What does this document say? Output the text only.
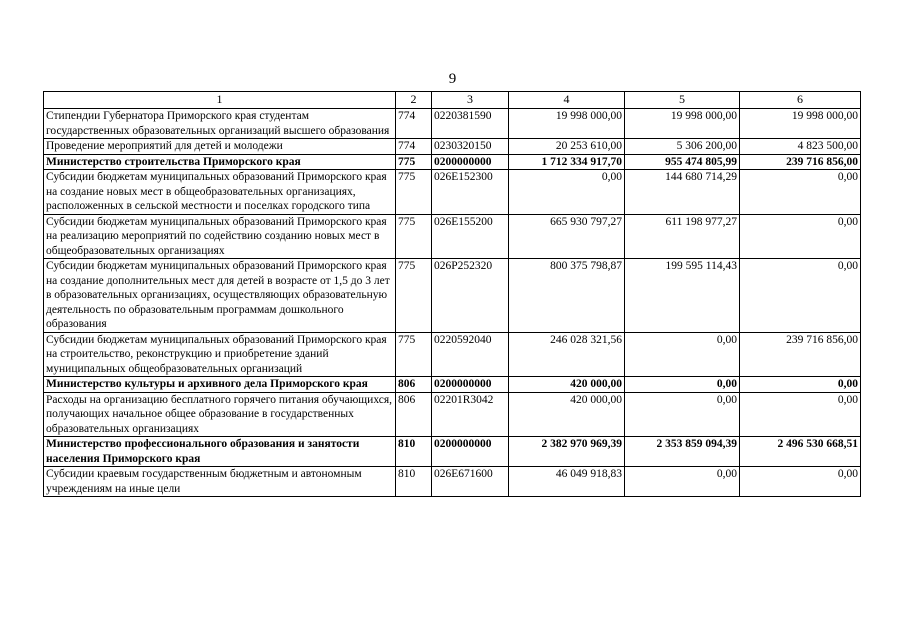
9
1	2	3	4	5	6
Стипендии Губернатора Приморского края студентам государственных образовательных организаций высшего образования	774	0220381590	19 998 000,00	19 998 000,00	19 998 000,00
Проведение мероприятий для детей и молодежи	774	0230320150	20 253 610,00	5 306 200,00	4 823 500,00
Министерство строительства Приморского края	775	0200000000	1 712 334 917,70	955 474 805,99	239 716 856,00
Субсидии бюджетам муниципальных образований Приморского края на создание новых мест в общеобразовательных организациях, расположенных в сельской местности и поселках городского типа	775	026E152300	0,00	144 680 714,29	0,00
Субсидии бюджетам муниципальных образований Приморского края на реализацию мероприятий по содействию созданию новых мест в общеобразовательных организациях	775	026E155200	665 930 797,27	611 198 977,27	0,00
Субсидии бюджетам муниципальных образований Приморского края на создание дополнительных мест для детей в возрасте от 1,5 до 3 лет в образовательных организациях, осуществляющих образовательную деятельность по образовательным программам дошкольного образования	775	026P252320	800 375 798,87	199 595 114,43	0,00
Субсидии бюджетам муниципальных образований Приморского края на строительство, реконструкцию и приобретение зданий муниципальных общеобразовательных организаций	775	0220592040	246 028 321,56	0,00	239 716 856,00
Министерство культуры и архивного дела Приморского края	806	0200000000	420 000,00	0,00	0,00
Расходы на организацию бесплатного горячего питания обучающихся, получающих начальное общее образование в государственных образовательных организациях	806	02201R3042	420 000,00	0,00	0,00
Министерство профессионального образования и занятости населения Приморского края	810	0200000000	2 382 970 969,39	2 353 859 094,39	2 496 530 668,51
Субсидии краевым государственным бюджетным и автономным учреждениям на иные цели	810	026E671600	46 049 918,83	0,00	0,00
